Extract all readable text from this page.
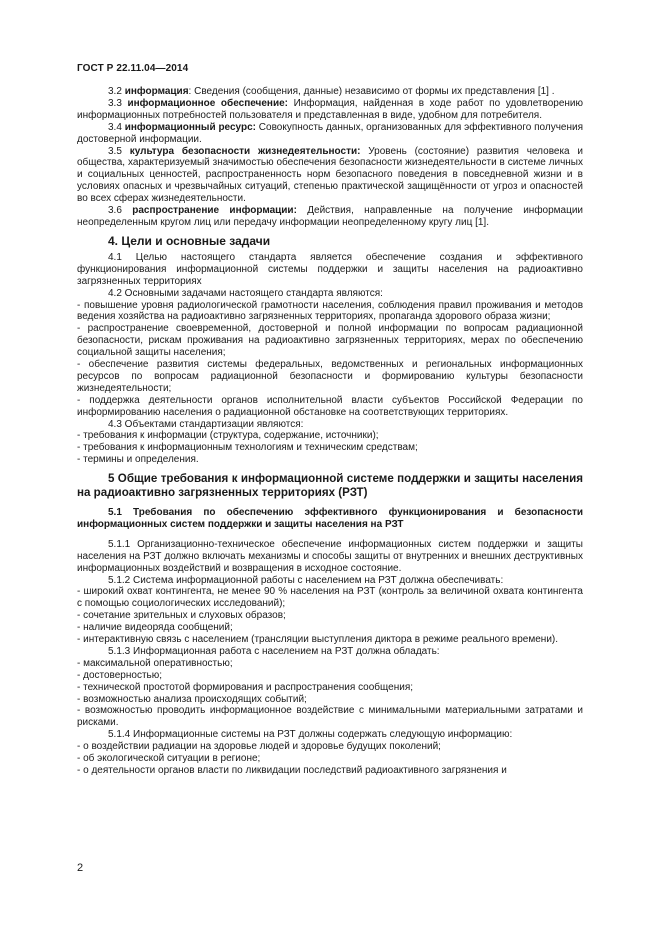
ГОСТ Р 22.11.04—2014

3.2 информация: Сведения (сообщения, данные) независимо от формы их представления [1] .

3.3 информационное обеспечение: Информация, найденная в ходе работ по удовлетворению информационных потребностей пользователя и представленная в виде, удобном для потребителя.

3.4 информационный ресурс: Совокупность данных, организованных для эффективного получения достоверной информации.

3.5 культура безопасности жизнедеятельности: Уровень (состояние) развития человека и общества, характеризуемый значимостью обеспечения безопасности жизнедеятельности в системе личных и социальных ценностей, распространенность норм безопасного поведения в повседневной жизни и в условиях опасных и чрезвычайных ситуаций, степенью практической защищённости от угроз и опасностей во всех сферах жизнедеятельности.

3.6 распространение информации: Действия, направленные на получение информации неопределенным кругом лиц или передачу информации неопределенному кругу лиц [1].

4. Цели и основные задачи

4.1 Целью настоящего стандарта является обеспечение создания и эффективного функционирования информационной системы поддержки и защиты населения на радиоактивно загрязненных территориях

4.2 Основными задачами настоящего стандарта являются:

- повышение уровня радиологической грамотности населения, соблюдения правил проживания и методов ведения хозяйства на радиоактивно загрязненных территориях, пропаганда здорового образа жизни;

- распространение своевременной, достоверной и полной информации по вопросам радиационной безопасности, рискам проживания на радиоактивно загрязненных территориях, мерах по обеспечению социальной защиты населения;

- обеспечение развития системы федеральных, ведомственных и региональных информационных ресурсов по вопросам радиационной безопасности и формированию культуры безопасности жизнедеятельности;

- поддержка деятельности органов исполнительной власти субъектов Российской Федерации по информированию населения о радиационной обстановке на соответствующих территориях.

4.3 Объектами стандартизации являются:

- требования к информации (структура, содержание, источники);

- требования к информационным технологиям и техническим средствам;

- термины и определения.

5 Общие требования к информационной системе поддержки и защиты населения на радиоактивно загрязненных территориях (РЗТ)

5.1 Требования по обеспечению эффективного функционирования и безопасности информационных систем поддержки и защиты населения на РЗТ

5.1.1 Организационно-техническое обеспечение информационных систем поддержки и защиты населения на РЗТ должно включать механизмы и способы защиты от внутренних и внешних деструктивных информационных воздействий и возвращения в исходное состояние.

5.1.2 Система информационной работы с населением на РЗТ должна обеспечивать:

- широкий охват контингента, не менее 90 % населения на РЗТ (контроль за величиной охвата контингента с помощью социологических исследований);

- сочетание зрительных и слуховых образов;

- наличие видеоряда сообщений;

- интерактивную связь с населением (трансляции выступления диктора в режиме реального времени).

5.1.3 Информационная работа с населением на РЗТ должна обладать:

- максимальной оперативностью;

- достоверностью;

- технической простотой формирования и распространения сообщения;

- возможностью анализа происходящих событий;

- возможностью проводить информационное воздействие с минимальными материальными затратами и рисками.

5.1.4 Информационные системы на РЗТ должны содержать следующую информацию:

- о воздействии радиации на здоровье людей и здоровье будущих поколений;

- об экологической ситуации в регионе;

- о деятельности органов власти по ликвидации последствий радиоактивного загрязнения и

2
